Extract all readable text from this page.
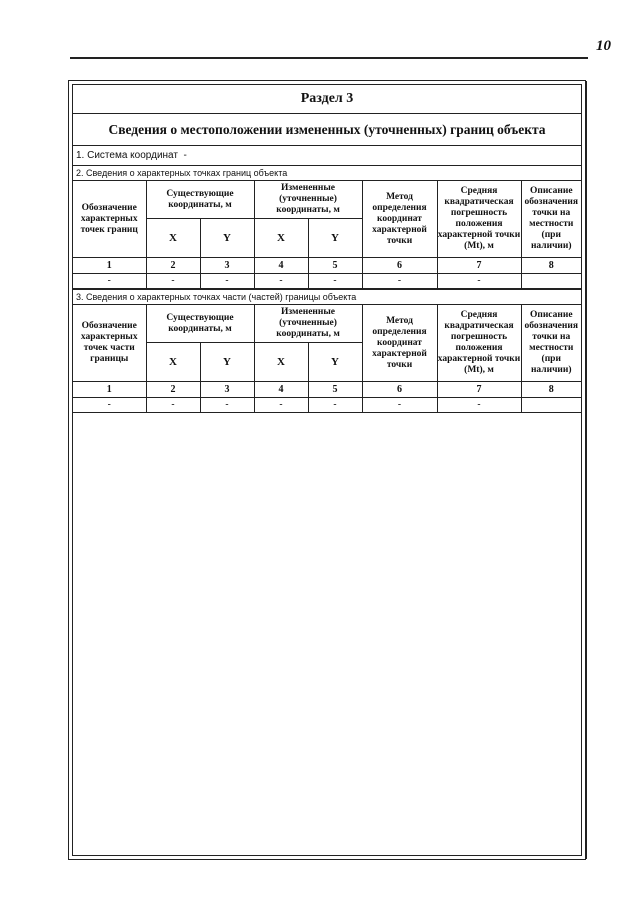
10
Раздел 3
Сведения о местоположении измененных (уточненных) границ объекта
1. Система координат -
2. Сведения о характерных точках границ объекта
Обозначение характерных точек границ	Существующие координаты, м		Измененные (уточненные) координаты, м		Метод определения координат характерной точки	Средняя квадратическая погрешность положения характерной точки (Мt), м	Описание обозначения точки на местности (при наличии)
	X	Y	X	Y			
1	2	3	4	5	6	7	8
-	-	-	-	-	-	-	
3. Сведения о характерных точках части (частей) границы объекта
Обозначение характерных точек части границы	Существующие координаты, м		Измененные (уточненные) координаты, м		Метод определения координат характерной точки	Средняя квадратическая погрешность положения характерной точки (Мt), м	Описание обозначения точки на местности (при наличии)
	X	Y	X	Y			
1	2	3	4	5	6	7	8
-	-	-	-	-	-	-	
